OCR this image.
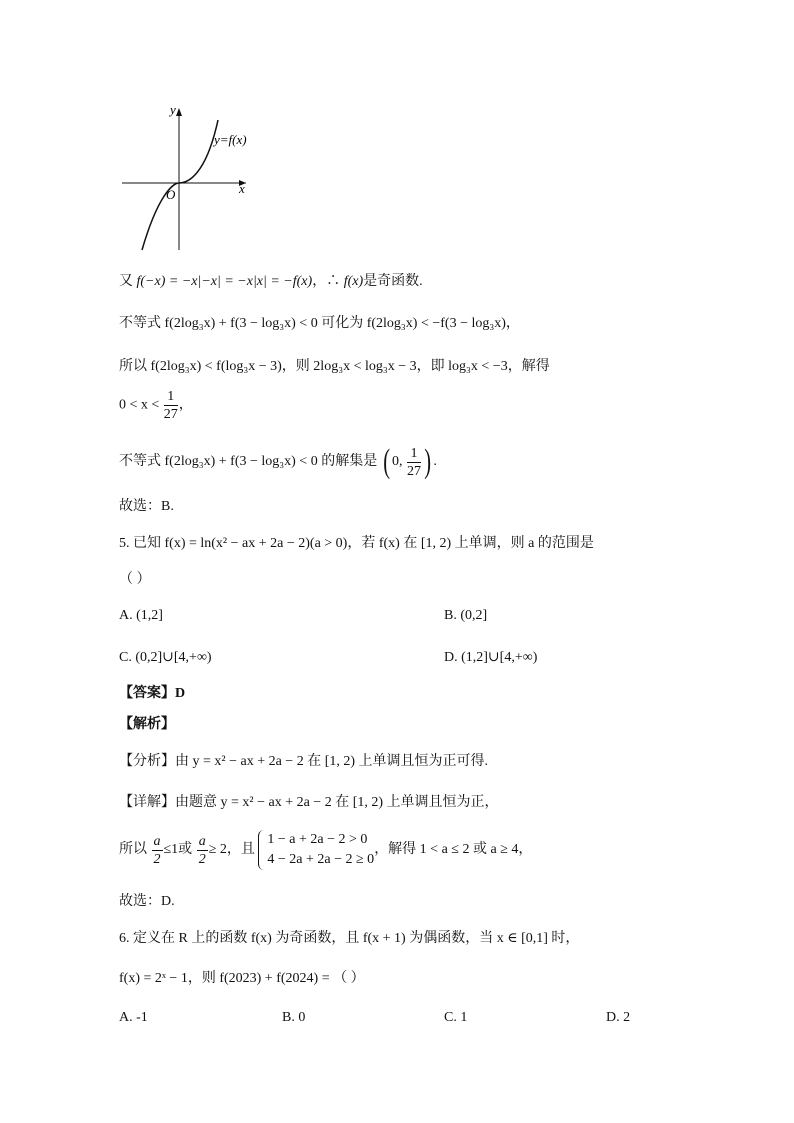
y
x
O
y=f(x)
又 f(−x) = −x|−x| = −x|x| = −f(x)，∴ f(x)是奇函数.
不等式 f(2log₃x) + f(3 − log₃x) < 0 可化为 f(2log₃x) < −f(3 − log₃x)，
所以 f(2log₃x) < f(log₃x − 3)，则 2log₃x < log₃x − 3，即 log₃x < −3，解得
$0 < x < \frac{1}{27}$ ，
不等式 f(2log₃x) + f(3 − log₃x) < 0 的解集是 ( 0, $\frac{1}{27}$ ) .
故选：B.
5. 已知 f(x) = ln(x² − ax + 2a − 2)(a > 0)，若 f(x) 在 [1, 2) 上单调，则 a 的范围是
（ ）
A. (1,2]	B. (0,2]
C. (0,2]∪[4,+∞)	D. (1,2]∪[4,+∞)
【答案】D
【解析】
【分析】由 y = x² − ax + 2a − 2 在 [1, 2) 上单调且恒为正可得.
【详解】由题意 y = x² − ax + 2a − 2 在 [1, 2) 上单调且恒为正，
所以 $\frac{a}{2} \le 1$或 $\frac{a}{2} \ge 2$，且
1 − a + 2a − 2 > 0
4 − 2a + 2a − 2 ≥ 0
，解得 1 < a ≤ 2 或 a ≥ 4，
故选：D.
6. 定义在 R 上的函数 f(x) 为奇函数，且 f(x + 1) 为偶函数，当 x ∈ [0,1] 时，
f(x) = 2ˣ − 1，则 f(2023) + f(2024) = （ ）
A. -1	B. 0	C. 1	D. 2
